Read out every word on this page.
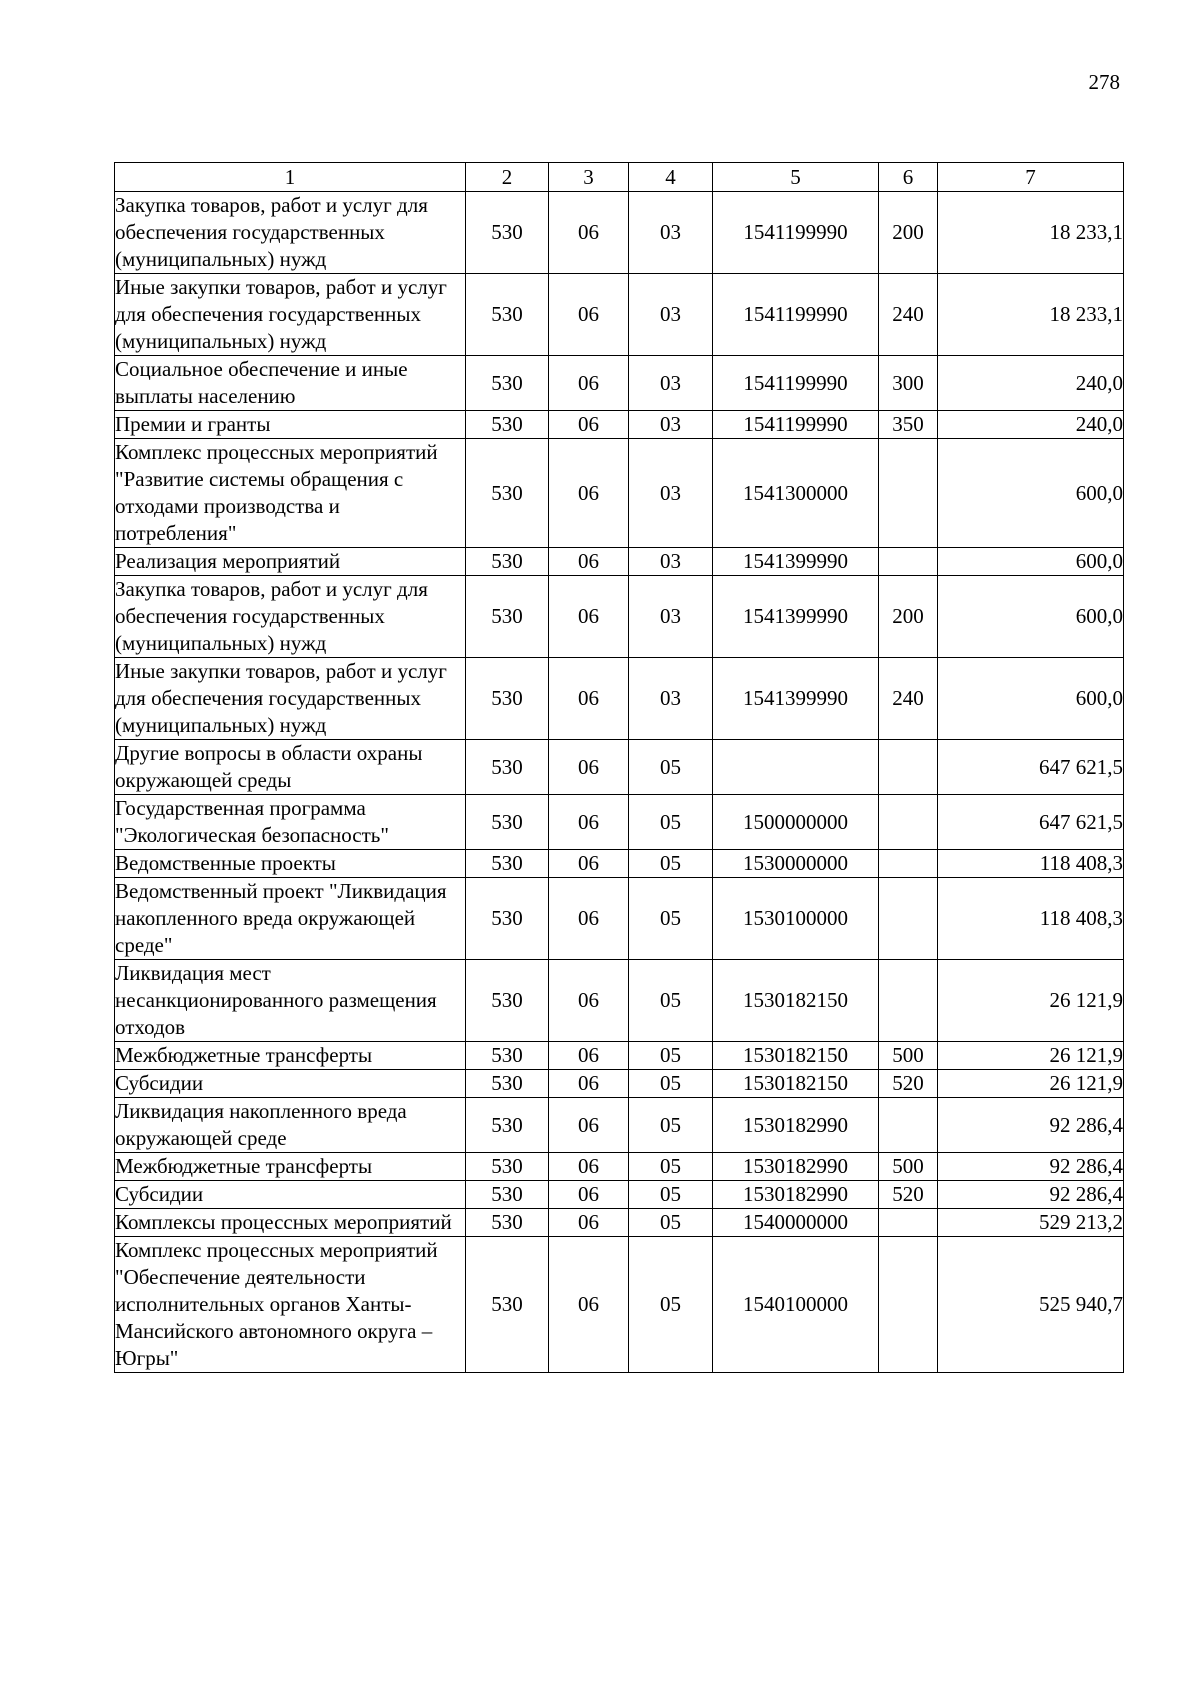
278
1	2	3	4	5	6	7
Закупка товаров, работ и услуг для обеспечения государственных (муниципальных) нужд	530	06	03	1541199990	200	18 233,1
Иные закупки товаров, работ и услуг для обеспечения государственных (муниципальных) нужд	530	06	03	1541199990	240	18 233,1
Социальное обеспечение и иные выплаты населению	530	06	03	1541199990	300	240,0
Премии и гранты	530	06	03	1541199990	350	240,0
Комплекс процессных мероприятий "Развитие системы обращения с отходами производства и потребления"	530	06	03	1541300000		600,0
Реализация мероприятий	530	06	03	1541399990		600,0
Закупка товаров, работ и услуг для обеспечения государственных (муниципальных) нужд	530	06	03	1541399990	200	600,0
Иные закупки товаров, работ и услуг для обеспечения государственных (муниципальных) нужд	530	06	03	1541399990	240	600,0
Другие вопросы в области охраны окружающей среды	530	06	05			647 621,5
Государственная программа "Экологическая безопасность"	530	06	05	1500000000		647 621,5
Ведомственные проекты	530	06	05	1530000000		118 408,3
Ведомственный проект "Ликвидация накопленного вреда окружающей среде"	530	06	05	1530100000		118 408,3
Ликвидация мест несанкционированного размещения отходов	530	06	05	1530182150		26 121,9
Межбюджетные трансферты	530	06	05	1530182150	500	26 121,9
Субсидии	530	06	05	1530182150	520	26 121,9
Ликвидация накопленного вреда окружающей среде	530	06	05	1530182990		92 286,4
Межбюджетные трансферты	530	06	05	1530182990	500	92 286,4
Субсидии	530	06	05	1530182990	520	92 286,4
Комплексы процессных мероприятий	530	06	05	1540000000		529 213,2
Комплекс процессных мероприятий "Обеспечение деятельности исполнительных органов Ханты-Мансийского автономного округа – Югры"	530	06	05	1540100000		525 940,7
